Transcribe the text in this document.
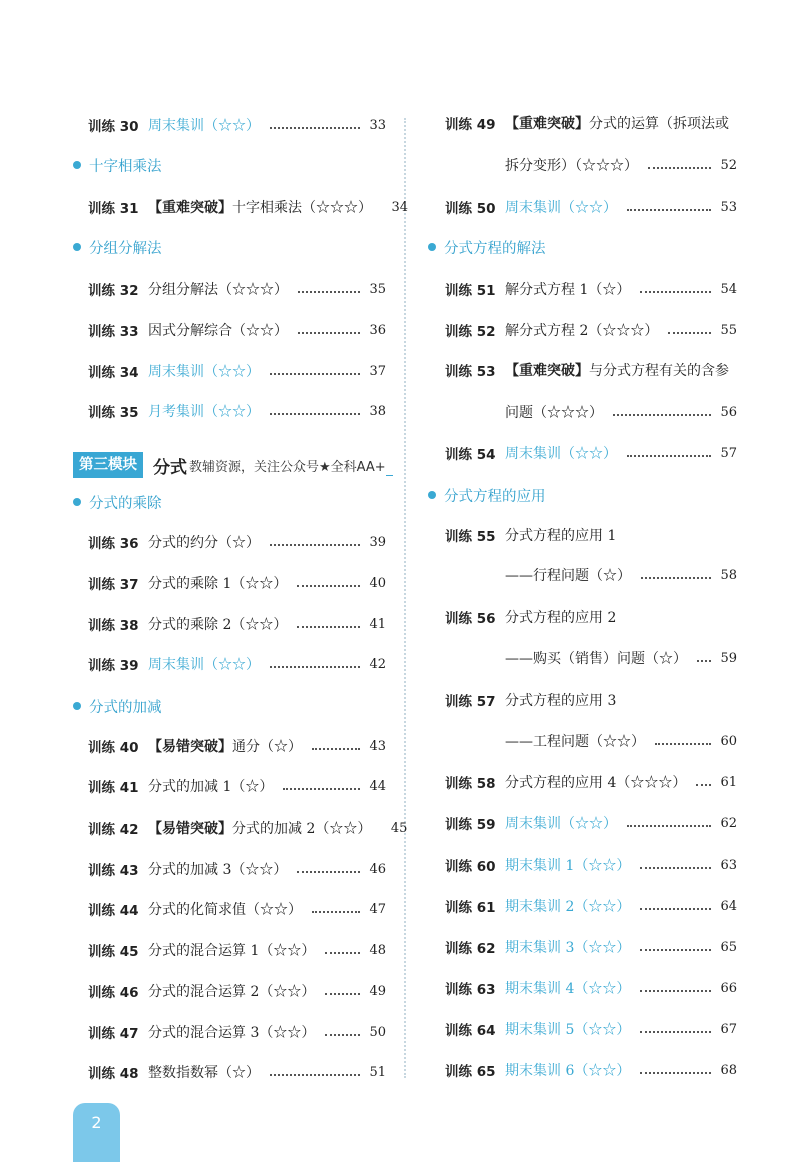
十字相乘法
分组分解法
分式的乘除
分式的加减
分式方程的解法
分式方程的应用
第三模块 分式 教辅资源，关注公众号★全科AA+
训练 30 周末集训（☆☆）	33
训练 31 【重难突破】 十字相乘法（☆☆☆） 34
训练 32 分组分解法（☆☆☆）	35
训练 33 因式分解综合（☆☆）	36
训练 34 周末集训（☆☆）	37
训练 35 月考集训（☆☆）	38
训练 36 分式的约分（☆）	39
训练 37 分式的乘除 1（☆☆）	40
训练 38 分式的乘除 2（☆☆）	41
训练 39 周末集训（☆☆）	42
训练 40 【易错突破】 通分（☆）	43
训练 41 分式的加减 1（☆）	44
训练 42 【易错突破】 分式的加减 2（☆☆） 45
训练 43 分式的加减 3（☆☆）	46
训练 44 分式的化简求值（☆☆）	47
训练 45 分式的混合运算 1（☆☆）	48
训练 46 分式的混合运算 2（☆☆）	49
训练 47 分式的混合运算 3（☆☆）	50
训练 48 整数指数幂（☆）	51
训练 49 【重难突破】 分式的运算（拆项法或
拆分变形）（☆☆☆）	52
训练 50 周末集训（☆☆）	53
训练 51 解分式方程 1（☆）	54
训练 52 解分式方程 2（☆☆☆）	55
训练 53 【重难突破】 与分式方程有关的含参
问题（☆☆☆）	56
训练 54 周末集训（☆☆）	57
训练 55 分式方程的应用 1
——行程问题（☆）	58
训练 56 分式方程的应用 2
——购买（销售）问题（☆）	59
训练 57 分式方程的应用 3
——工程问题（☆☆）	60
训练 58 分式方程的应用 4（☆☆☆）	61
训练 59 周末集训（☆☆）	62
训练 60 期末集训 1（☆☆）	63
训练 61 期末集训 2（☆☆）	64
训练 62 期末集训 3（☆☆）	65
训练 63 期末集训 4（☆☆）	66
训练 64 期末集训 5（☆☆）	67
训练 65 期末集训 6（☆☆）	68
2
